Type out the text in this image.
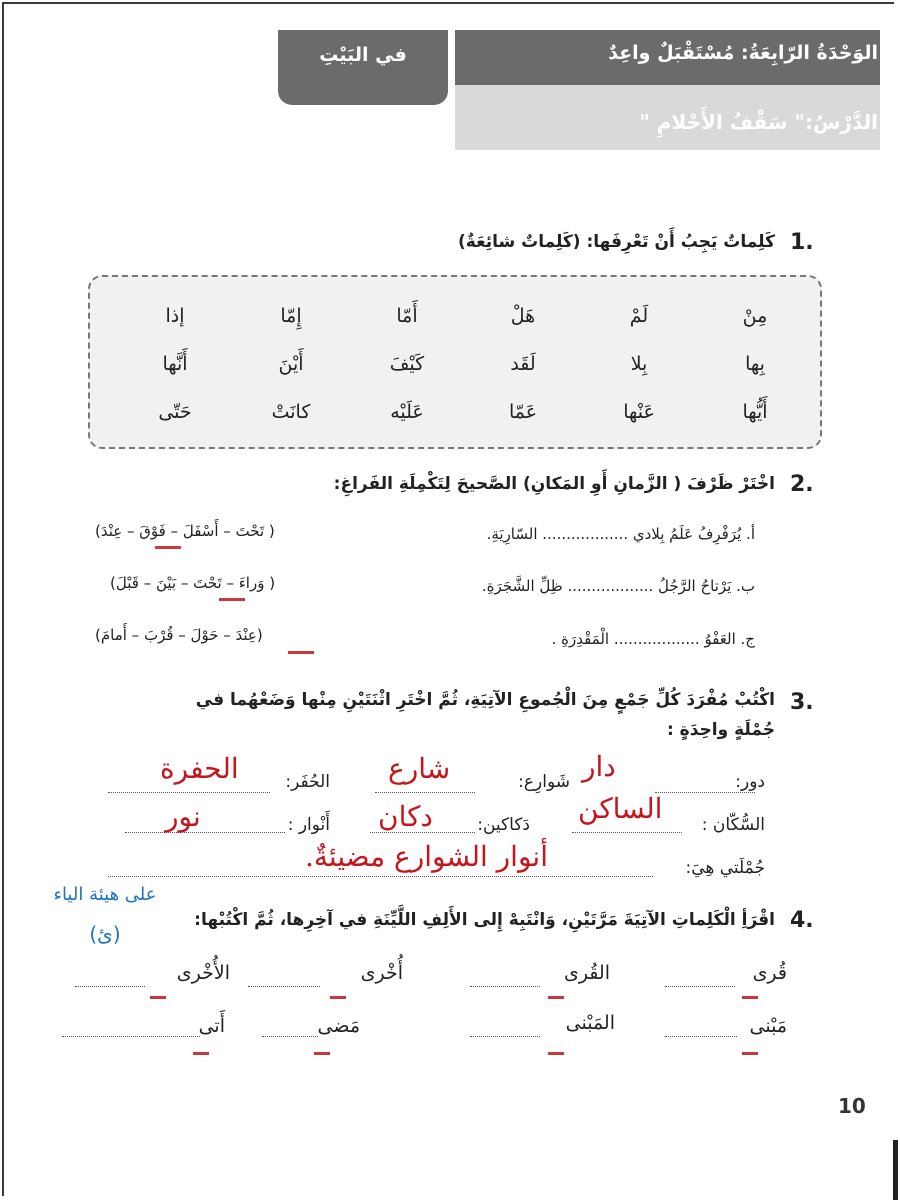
الوَحْدَةُ الرّابِعَةُ: مُسْتَقْبَلٌ واعِدٌ
الدَّرْسُ:" سَقْفُ الأَحْلامِ "
في البَيْتِ
1.
كَلِماتٌ يَجِبُ أَنْ تَعْرِفَها: (كَلِماتٌ شائِعَةٌ)
مِنْ
لَمْ
هَلْ
أَمّا
إِمّا
إذا
بِها
بِلا
لَقَد
كَيْفَ
أَيْنَ
أَنَّها
أَيُّها
عَنْها
عَمّا
عَلَيْه
كانَتْ
حَتّى
2.
اخْتَرْ ظَرْفَ ( الزَّمانِ أَوِ المَكانِ) الصَّحيحَ لِتَكْمِلَةِ الفَراغِ:
أ. يُرَفْرِفُ عَلَمُ بِلادي .................. السّارِيَةِ.
( تَحْتَ – أَسْفَلَ – فَوْقَ – عِنْدَ)
ب. يَرْتاحُ الرَّجُلُ .................. ظِلِّ الشَّجَرَةِ.
( وَراءَ – تَحْتَ – بَيْنَ – قَبْلَ)
ج. العَفْوُ .................. الْمَقْدِرَةِ .
(عِنْدَ – حَوْلَ – قُرْبَ – أَمامَ)
3.
اكْتُبْ مُفْرَدَ كُلِّ جَمْعٍ مِنَ الْجُموعِ الآتِيَةِ، ثُمَّ اخْتَرِ اثْنَتَيْنِ مِنْها وَضَعْهُما في
جُمْلَةٍ واحِدَةٍ :
دور:
دار
شَوارِع:
شارع
الحُفَر:
الحفرة
السُّكّان :
الساكن
دَكاكين:
دكان
أَنْوار :
نور
جُمْلَتي هِيَ:
أنوار الشوارع مضيئةٌ.
على هيئة الياء
(ئ)
4.
اقْرَأِ الْكَلِماتِ الآتِيَةَ مَرَّتَيْنِ، وَانْتَبِهْ إِلى الأَلِفِ اللَّيِّنَةِ في آخِرِها، ثُمَّ اكْتُبْها:
قُرى
القُرى
أُخْرى
الأُخْرى
مَبْنى
المَبْنى
مَضى
أَتى
10
